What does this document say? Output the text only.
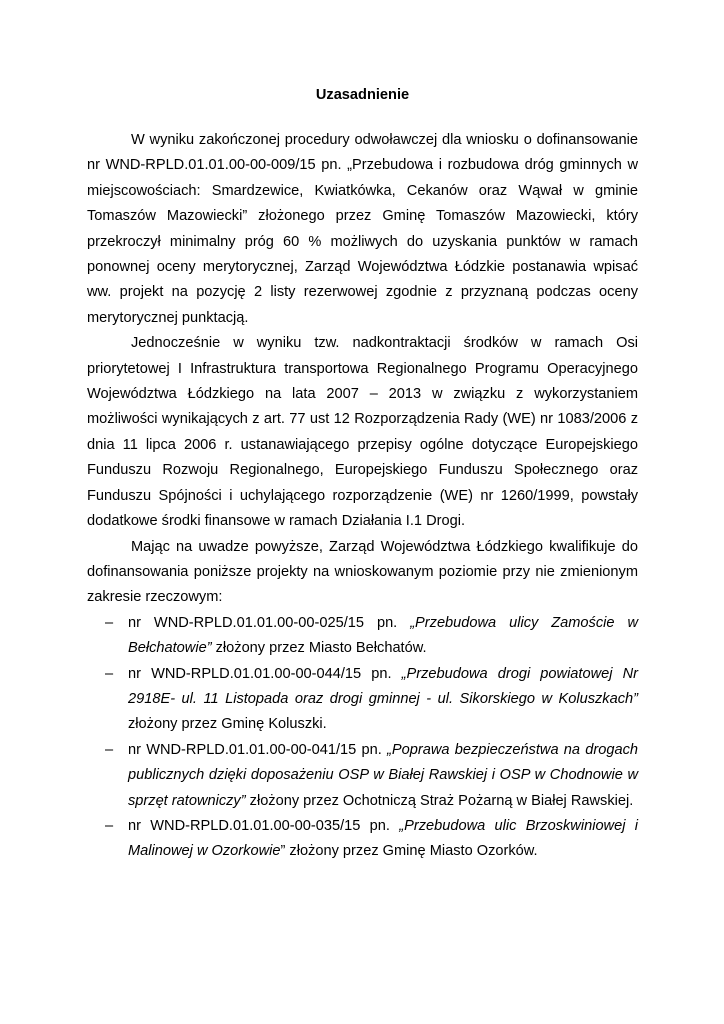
Uzasadnienie

W wyniku zakończonej procedury odwoławczej dla wniosku o dofinansowanie nr WND-RPLD.01.01.00-00-009/15 pn. „Przebudowa i rozbudowa dróg gminnych w miejscowościach: Smardzewice, Kwiatkówka, Cekanów oraz Wąwał w gminie Tomaszów Mazowiecki” złożonego przez Gminę Tomaszów Mazowiecki, który przekroczył minimalny próg 60 % możliwych do uzyskania punktów w ramach ponownej oceny merytorycznej, Zarząd Województwa Łódzkie postanawia wpisać ww. projekt na pozycję 2 listy rezerwowej zgodnie z przyznaną podczas oceny merytorycznej punktacją.

Jednocześnie w wyniku tzw. nadkontraktacji środków w ramach Osi priorytetowej I Infrastruktura transportowa Regionalnego Programu Operacyjnego Województwa Łódzkiego na lata 2007 – 2013 w związku z wykorzystaniem możliwości wynikających z art. 77 ust 12 Rozporządzenia Rady (WE) nr 1083/2006 z dnia 11 lipca 2006 r. ustanawiającego przepisy ogólne dotyczące Europejskiego Funduszu Rozwoju Regionalnego, Europejskiego Funduszu Społecznego oraz Funduszu Spójności i uchylającego rozporządzenie (WE) nr 1260/1999, powstały dodatkowe środki finansowe w ramach Działania I.1 Drogi.

Mając na uwadze powyższe, Zarząd Województwa Łódzkiego kwalifikuje do dofinansowania poniższe projekty na wnioskowanym poziomie przy nie zmienionym zakresie rzeczowym:

– nr WND-RPLD.01.01.00-00-025/15 pn. „Przebudowa ulicy Zamoście w Bełchatowie” złożony przez Miasto Bełchatów.
– nr WND-RPLD.01.01.00-00-044/15 pn. „Przebudowa drogi powiatowej Nr 2918E- ul. 11 Listopada oraz drogi gminnej - ul. Sikorskiego w Koluszkach” złożony przez Gminę Koluszki.
– nr WND-RPLD.01.01.00-00-041/15 pn. „Poprawa bezpieczeństwa na drogach publicznych dzięki doposażeniu OSP w Białej Rawskiej i OSP w Chodnowie w sprzęt ratowniczy” złożony przez Ochotniczą Straż Pożarną w Białej Rawskiej.
– nr WND-RPLD.01.01.00-00-035/15 pn. „Przebudowa ulic Brzoskwiniowej i Malinowej w Ozorkowie” złożony przez Gminę Miasto Ozorków.
